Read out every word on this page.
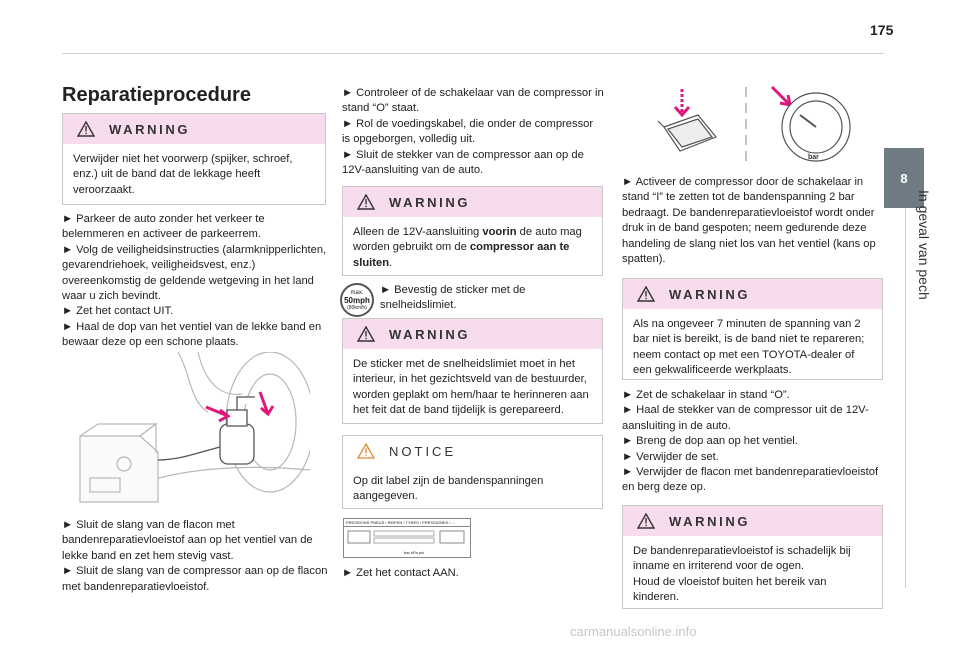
175
8
In geval van pech
Reparatieprocedure
WARNING
Verwijder niet het voorwerp (spijker, schroef, enz.) uit de band dat de lekkage heeft veroorzaakt.
► Parkeer de auto zonder het verkeer te belemmeren en activeer de parkeerrem.
► Volg de veiligheidsinstructies (alarmknipperlichten, gevarendriehoek, veiligheidsvest, enz.) overeenkomstig de geldende wetgeving in het land waar u zich bevindt.
► Zet het contact UIT.
► Haal de dop van het ventiel van de lekke band en bewaar deze op een schone plaats.
► Sluit de slang van de flacon met bandenreparatievloeistof aan op het ventiel van de lekke band en zet hem stevig vast.
► Sluit de slang van de compressor aan op de flacon met bandenreparatievloeistof.
► Controleer of de schakelaar van de compressor in stand “O” staat.
► Rol de voedingskabel, die onder de compressor is opgeborgen, volledig uit.
► Sluit de stekker van de compressor aan op de 12V-aansluiting van de auto.
WARNING
Alleen de 12V-aansluiting voorin de auto mag worden gebruikt om de compressor aan te sluiten.
max.
50mph
(80km/h)
► Bevestig de sticker met de snelheidslimiet.
WARNING
De sticker met de snelheidslimiet moet in het interieur, in het gezichtsveld van de bestuurder, worden geplakt om hem/haar te herinneren aan het feit dat de band tijdelijk is gerepareerd.
NOTICE
Op dit label zijn de bandenspanningen aangegeven.
PRESSIONS PNEUS / REIFEN / TYRES / PRESSIONES / ...
bar kPa psi
► Zet het contact AAN.
bar
► Activeer de compressor door de schakelaar in stand “I” te zetten tot de bandenspanning 2 bar bedraagt. De bandenreparatievloeistof wordt onder druk in de band gespoten; neem gedurende deze handeling de slang niet los van het ventiel (kans op spatten).
WARNING
Als na ongeveer 7 minuten de spanning van 2 bar niet is bereikt, is de band niet te repareren; neem contact op met een TOYOTA-dealer of een gekwalificeerde werkplaats.
► Zet de schakelaar in stand “O”.
► Haal de stekker van de compressor uit de 12V-aansluiting in de auto.
► Breng de dop aan op het ventiel.
► Verwijder de set.
► Verwijder de flacon met bandenreparatievloeistof en berg deze op.
WARNING
De bandenreparatievloeistof is schadelijk bij inname en irriterend voor de ogen.
Houd de vloeistof buiten het bereik van kinderen.
carmanualsonline.info
